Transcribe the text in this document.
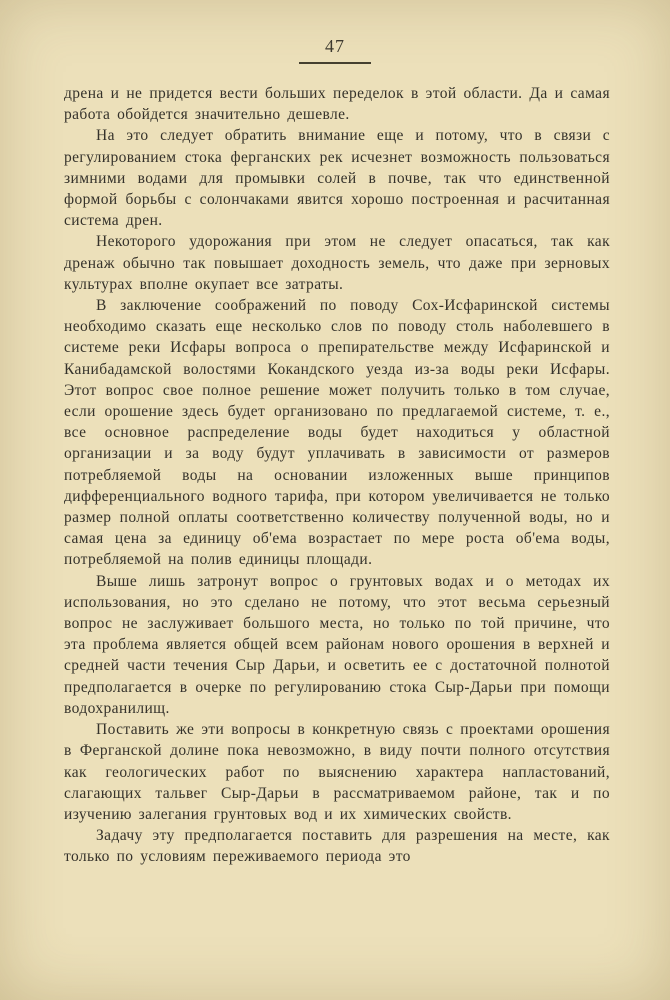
47

дрена и не придется вести больших переделок в этой области. Да и самая работа обойдется значительно дешевле.

На это следует обратить внимание еще и потому, что в связи с регулированием стока ферганских рек исчезнет возможность пользоваться зимними водами для промывки солей в почве, так что единственной формой борьбы с солончаками явится хорошо построенная и расчитанная система дрен.

Некоторого удорожания при этом не следует опасаться, так как дренаж обычно так повышает доходность земель, что даже при зерновых культурах вполне окупает все затраты.

В заключение соображений по поводу Сох-Исфаринской системы необходимо сказать еще несколько слов по поводу столь наболевшего в системе реки Исфары вопроса о препирательстве между Исфаринской и Канибадамской волостями Кокандского уезда из-за воды реки Исфары. Этот вопрос свое полное решение может получить только в том случае, если орошение здесь будет организовано по предлагаемой системе, т. е., все основное распределение воды будет находиться у областной организации и за воду будут уплачивать в зависимости от размеров потребляемой воды на основании изложенных выше принципов дифференциального водного тарифа, при котором увеличивается не только размер полной оплаты соответственно количеству полученной воды, но и самая цена за единицу об'ема возрастает по мере роста об'ема воды, потребляемой на полив единицы площади.

Выше лишь затронут вопрос о грунтовых водах и о методах их использования, но это сделано не потому, что этот весьма серьезный вопрос не заслуживает большого места, но только по той причине, что эта проблема является общей всем районам нового орошения в верхней и средней части течения Сыр Дарьи, и осветить ее с достаточной полнотой предполагается в очерке по регулированию стока Сыр-Дарьи при помощи водохранилищ.

Поставить же эти вопросы в конкретную связь с проектами орошения в Ферганской долине пока невозможно, в виду почти полного отсутствия как геологических работ по выяснению характера напластований, слагающих тальвег Сыр-Дарьи в рассматриваемом районе, так и по изучению залегания грунтовых вод и их химических свойств.

Задачу эту предполагается поставить для разрешения на месте, как только по условиям переживаемого периода это
